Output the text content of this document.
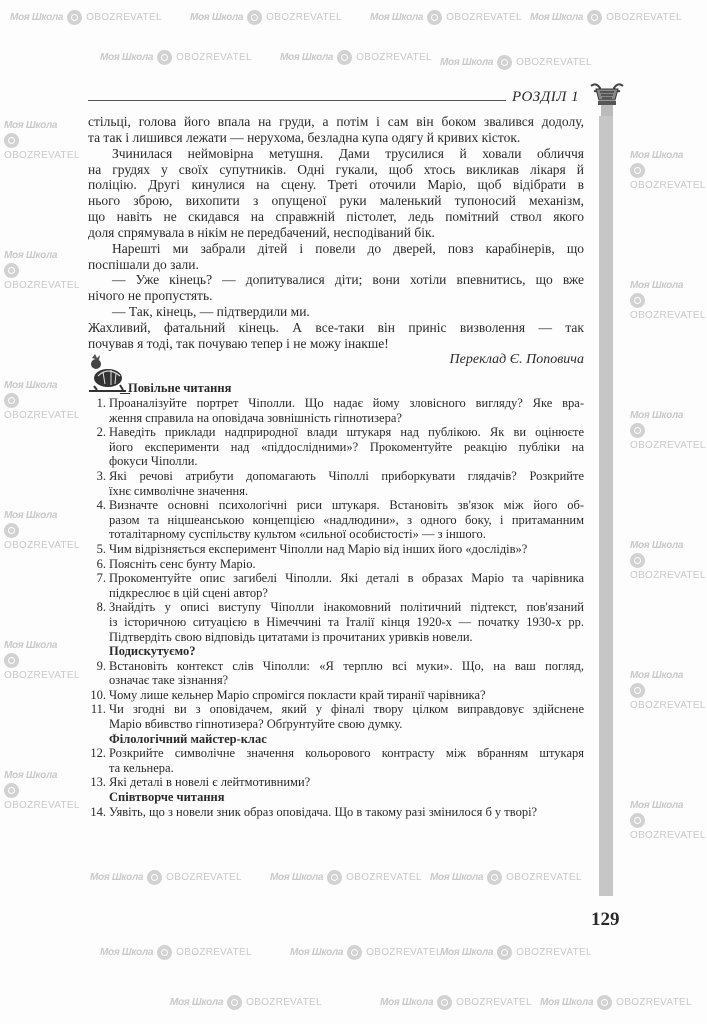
Моя Школа OBOZREVATEL	Моя Школа OBOZREVATEL	Моя Школа OBOZREVATEL Моя Школа OBOZREVATEL
Моя Школа OBOZREVATEL	Моя Школа OBOZREVATEL Моя Школа OBOZREVATEL
Моя Школа OBOZREVATEL	Моя Школа OBOZREVATEL Моя Школа OBOZREVATEL
Моя Школа OBOZREVATEL	Моя Школа OBOZREVATEL
Моя Школа OBOZREVATEL
Моя Школа OBOZREVATEL	Моя Школа OBOZREVATEL Моя Школа OBOZREVATEL
Моя Школа
OBOZREVATEL
Моя Школа
OBOZREVATEL
Моя Школа
OBOZREVATEL
Моя Школа
OBOZREVATEL
Моя Школа
OBOZREVATEL
Моя Школа
OBOZREVATEL
Моя Школа
OBOZREVATEL
Моя Школа
OBOZREVATEL
Моя Школа
OBOZREVATEL
Моя Школа
OBOZREVATEL
Моя Школа
OBOZREVATEL
Моя Школа
OBOZREVATEL
РОЗДІЛ 1
стільці, голова його впала на груди, а потім і сам він боком звалився додолу,
та так і лишився лежати — нерухома, безладна купа одягу й кривих кісток.
Зчинилася неймовірна метушня. Дами трусилися й ховали обличчя
на грудях у своїх супутників. Одні гукали, щоб хтось викликав лікаря й
поліцію. Другі кинулися на сцену. Треті оточили Маріо, щоб відібрати в
нього зброю, вихопити з опущеної руки маленький тупоносий механізм,
що навіть не скидався на справжній пістолет, ледь помітний ствол якого
доля спрямувала в нікім не передбачений, несподіваний бік.
Нарешті ми забрали дітей і повели до дверей, повз карабінерів, що
поспішали до зали.
— Уже кінець? — допитувалися діти; вони хотіли впевнитись, що вже
нічого не пропустять.
— Так, кінець, — підтвердили ми.
Жахливий, фатальний кінець. А все-таки він приніс визволення — так
почував я тоді, так почуваю тепер і не можу інакше!
Переклад Є. Поповича
Повільне читання
1. Проаналізуйте портрет Чіполли. Що надає йому зловісного вигляду? Яке вра-
ження справила на оповідача зовнішність гіпнотизера?
2. Наведіть приклади надприродної влади штукаря над публікою. Як ви оцінюєте
його експерименти над «піддослідними»? Прокоментуйте реакцію публіки на
фокуси Чіполли.
3. Які речові атрибути допомагають Чіполлі приборкувати глядачів? Розкрийте
їхнє символічне значення.
4. Визначте основні психологічні риси штукаря. Встановіть зв'язок між його об-
разом та ніцшеанською концепцією «надлюдини», з одного боку, і притаманним
тоталітарному суспільству культом «сильної особистості» — з іншого.
5. Чим відрізняється експеримент Чіполли над Маріо від інших його «дослідів»?
6. Поясніть сенс бунту Маріо.
7. Прокоментуйте опис загибелі Чіполли. Які деталі в образах Маріо та чарівника
підкреслює в цій сцені автор?
8. Знайдіть у описі виступу Чіполли інакомовний політичний підтекст, пов'язаний
із історичною ситуацією в Німеччині та Італії кінця 1920-х — початку 1930-х рр.
Підтвердіть свою відповідь цитатами із прочитаних уривків новели.
Подискутуємо?
9. Встановіть контекст слів Чіполли: «Я терплю всі муки». Що, на ваш погляд,
означає таке зізнання?
10. Чому лише кельнер Маріо спромігся покласти край тиранії чарівника?
11. Чи згодні ви з оповідачем, який у фіналі твору цілком виправдовує здійснене
Маріо вбивство гіпнотизера? Обґрунтуйте свою думку.
Філологічний майстер-клас
12. Розкрийте символічне значення кольорового контрасту між вбранням штукаря
та кельнера.
13. Які деталі в новелі є лейтмотивними?
Співтворче читання
14. Уявіть, що з новели зник образ оповідача. Що в такому разі змінилося б у творі?
129
